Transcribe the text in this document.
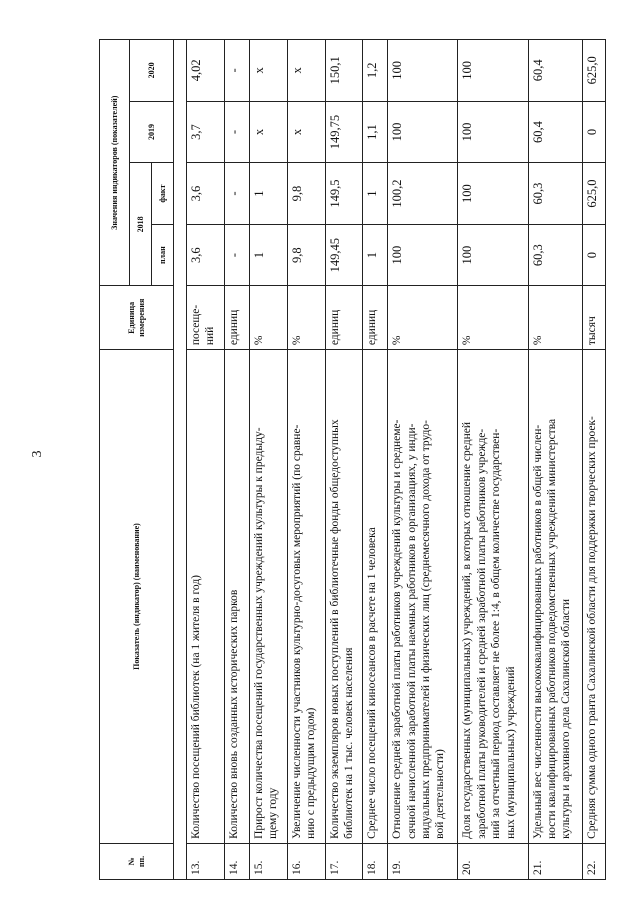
3
№
пп.	Показатель (индикатор) (наименование)	Единица
измерения	Значения индикаторов (показателей)			
			2018		2019	2020
			план	факт		

13.	Количество посещений библиотек (на 1 жителя в год)	посеще-
ний	3,6	3,6	3,7	4,02
14.	Количество вновь созданных исторических парков	единиц	-	-	-	-
15.	Прирост количества посещений государственных учреждений культуры к предыду-
щему году	%	1	1	х	х
16.	Увеличение численности участников культурно-досуговых мероприятий (по сравне-
нию с предыдущим годом)	%	9,8	9,8	х	х
17.	Количество экземпляров новых поступлений в библиотечные фонды общедоступных
библиотек на 1 тыс. человек населения	единиц	149,45	149,5	149,75	150,1
18.	Среднее число посещений киносеансов в расчете на 1 человека	единиц	1	1	1,1	1,2
19.	Отношение средней заработной платы работников учреждений культуры и среднеме-
сячной начисленной заработной платы наемных работников в организациях, у инди-
видуальных предпринимателей и физических лиц (среднемесячного дохода от трудо-
вой деятельности)	%	100	100,2	100	100
20.	Доля государственных (муниципальных) учреждений, в которых отношение средней
заработной платы руководителей и средней заработной платы работников учрежде-
ний за отчетный период составляет не более 1:4, в общем количестве государствен-
ных (муниципальных) учреждений	%	100	100	100	100
21.	Удельный вес численности высококвалифицированных работников в общей числен-
ности квалифицированных работников подведомственных учреждений министерства
культуры и архивного дела Сахалинской области	%	60,3	60,3	60,4	60,4
22.	Средняя сумма одного гранта Сахалинской области для поддержки творческих проек-	тысяч	0	625,0	0	625,0
